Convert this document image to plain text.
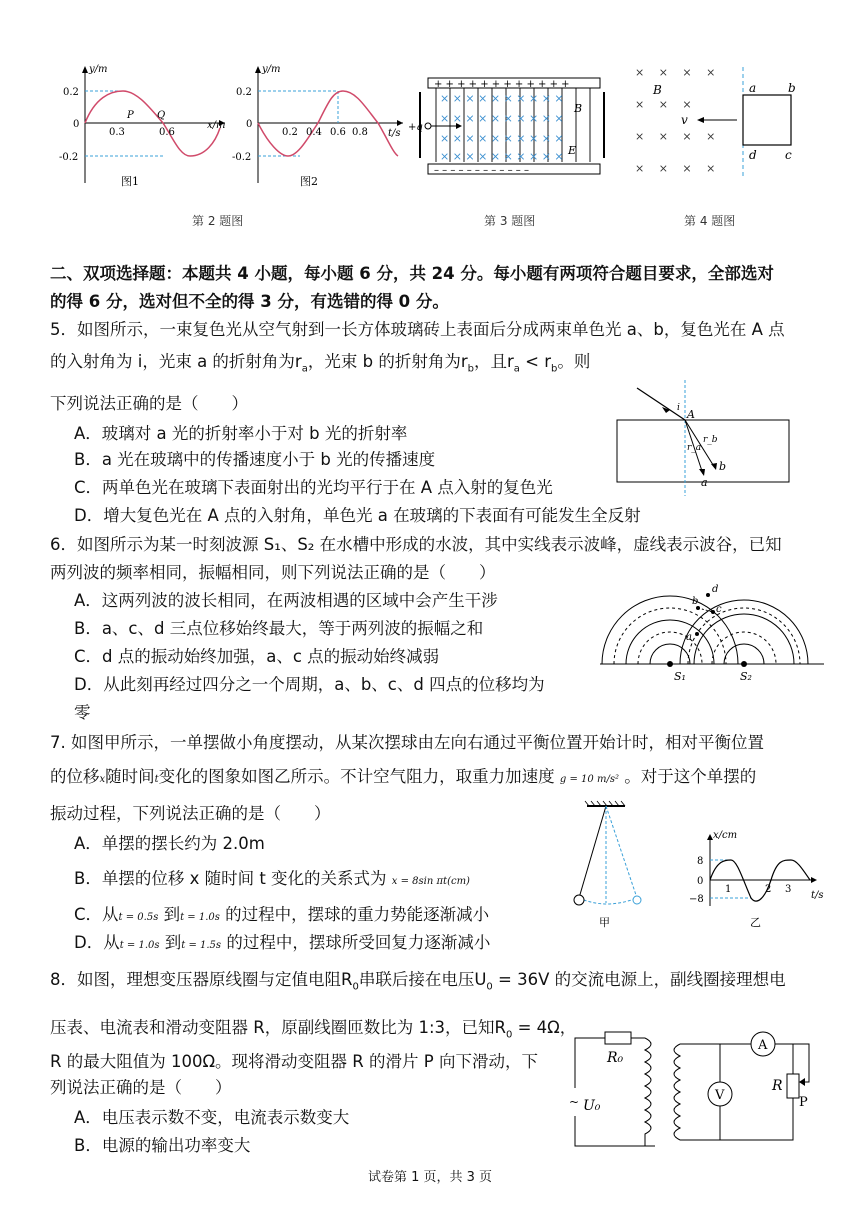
y/m
x/m
0.2
0
-0.2
0.3	0.6
P Q
图1
y/m
t/s
0.2
0
-0.2
0.2 0.4 0.6 0.8
图2
+ + + + + + + + + + + +
– – – – – – – – – – – –
× × × × × × × × × ×
× × × × × × × × × ×
× × × × × × × × × ×
× × × × × × × × × ×
+q
B
E
×　 ×　 ×　 ×
×　 ×　 ×
×　 ×　 ×　 ×
×　 ×　 ×　 ×
B	a	b
c
d
v
第 2 题图	第 3 题图	第 4 题图
二、双项选择题：本题共 4 小题，每小题 6 分，共 24 分。每小题有两项符合题目要求，全部选对
的得 6 分，选对但不全的得 3 分，有选错的得 0 分。
5．如图所示，一束复色光从空气射到一长方体玻璃砖上表面后分成两束单色光 a、b，复色光在 A 点
的入射角为 i，光束 a 的折射角为$r_a$，光束 b 的折射角为$r_b$，且$r_a < r_b$。则
下列说法正确的是（　　）
A．玻璃对 a 光的折射率小于对 b 光的折射率
B．a 光在玻璃中的传播速度小于 b 光的传播速度
C．两单色光在玻璃下表面射出的光均平行于在 A 点入射的复色光
D．增大复色光在 A 点的入射角，单色光 a 在玻璃的下表面有可能发生全反射
A
i
r_b
r_a
b
a
6．如图所示为某一时刻波源 S₁、S₂ 在水槽中形成的水波，其中实线表示波峰，虚线表示波谷，已知
两列波的频率相同，振幅相同，则下列说法正确的是（　　）
A．这两列波的波长相同，在两波相遇的区域中会产生干涉
B．a、c、d 三点位移始终最大，等于两列波的振幅之和
C．d 点的振动始终加强，a、c 点的振动始终减弱
D．从此刻再经过四分之一个周期，a、b、c、d 四点的位移均为
零
a
b
c
d
S₁	S₂
7. 如图甲所示，一单摆做小角度摆动，从某次摆球由左向右通过平衡位置开始计时，相对平衡位置
的位移x随时间t变化的图象如图乙所示。不计空气阻力，取重力加速度 g = 10 m/s² 。对于这个单摆的
振动过程，下列说法正确的是（　　）
A．单摆的摆长约为 2.0m
B．单摆的位移 x 随时间 t 变化的关系式为 x = 8sin πt(cm)
C．从t = 0.5s 到t = 1.0s 的过程中，摆球的重力势能逐渐减小
D．从t = 1.0s 到t = 1.5s 的过程中，摆球所受回复力逐渐减小
甲
x/cm
t/s
8
0
−8
1	2 3
乙
8．如图，理想变压器原线圈与定值电阻$R_0$串联后接在电压$U_0 = 36V$ 的交流电源上，副线圈接理想电
压表、电流表和滑动变阻器 R，原副线圈匝数比为 1:3，已知$R_0 = 4\Omega$，
R 的最大阻值为 100Ω。现将滑动变阻器 R 的滑片 P 向下滑动，下
列说法正确的是（　　）
A．电压表示数不变，电流表示数变大
B．电源的输出功率变大
~ U₀
R₀
V
A
R
P
试卷第 1 页，共 3 页
